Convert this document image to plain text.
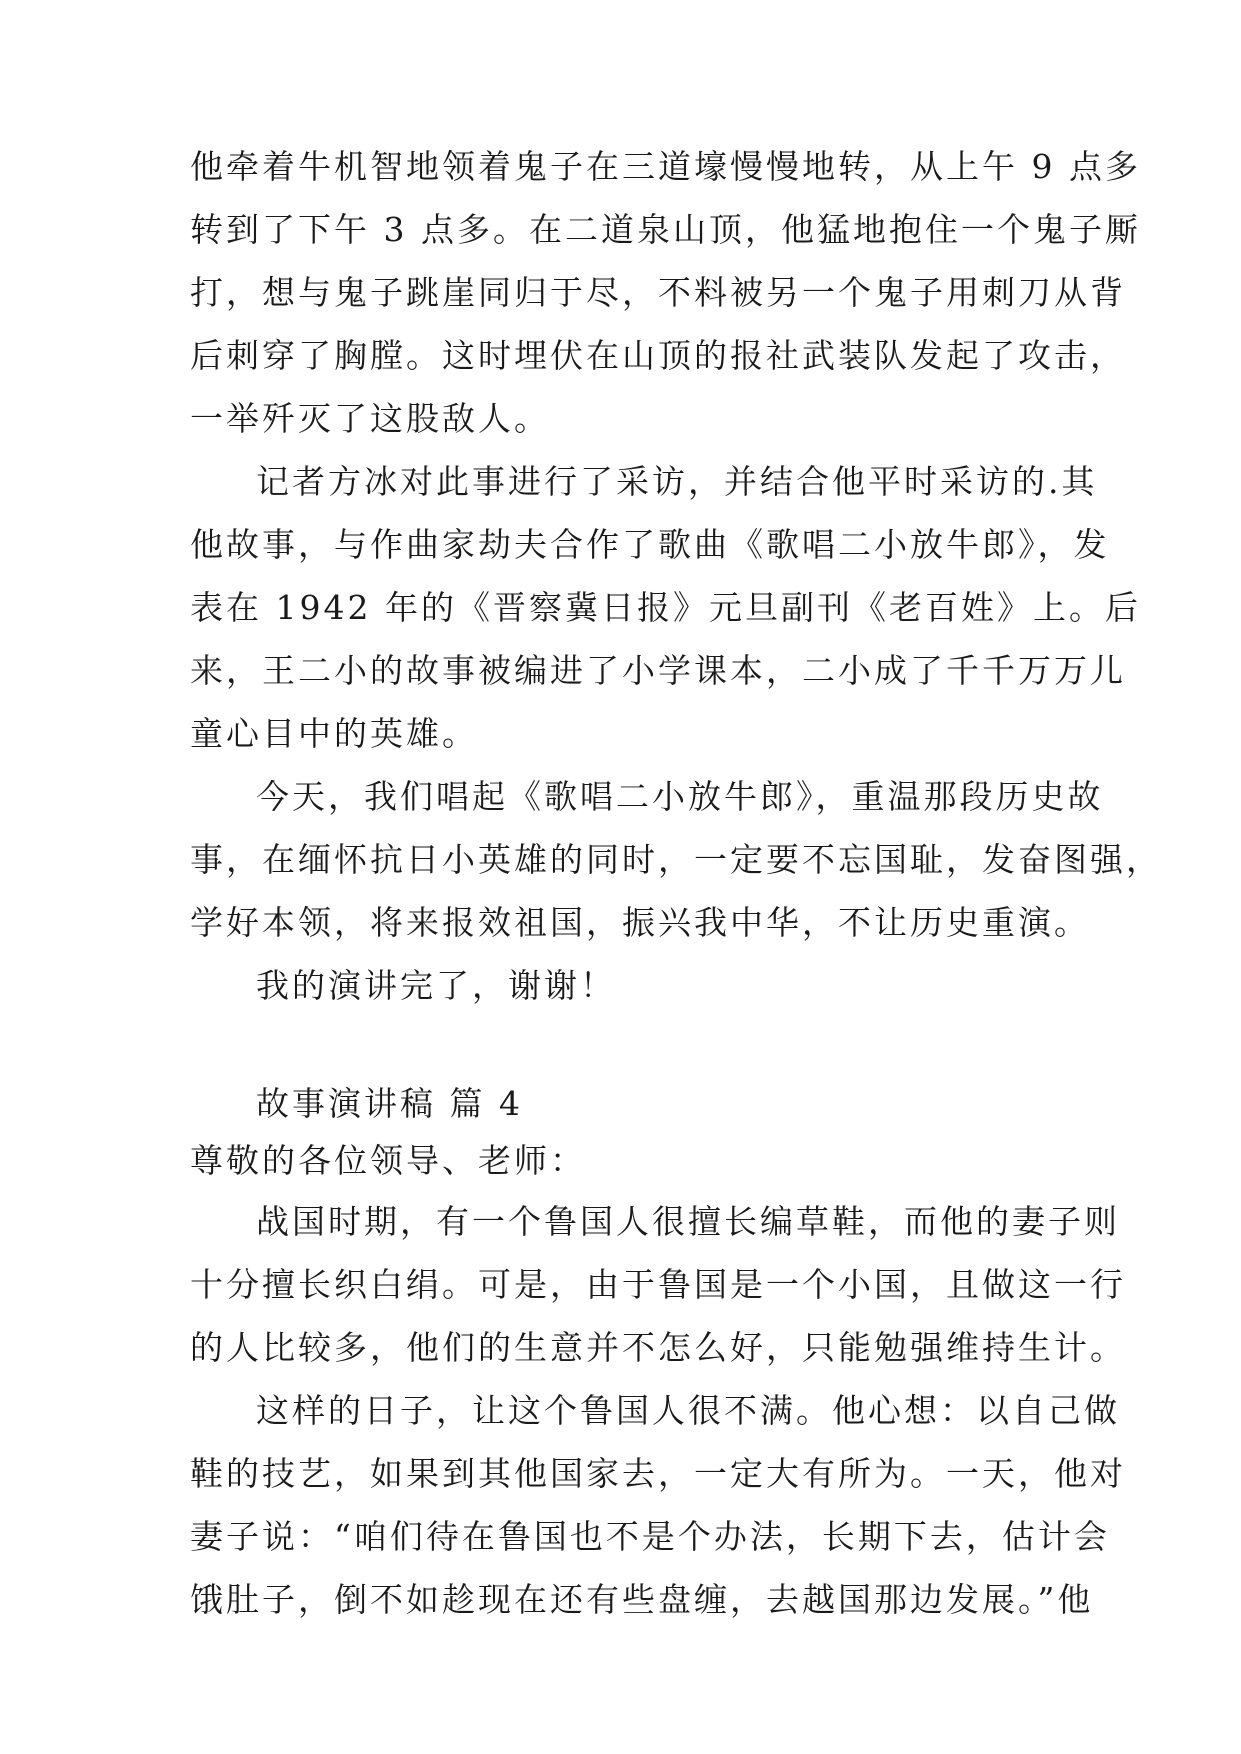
他牵着牛机智地领着鬼子在三道壕慢慢地转，从上午 9 点多
转到了下午 3 点多。在二道泉山顶，他猛地抱住一个鬼子厮
打，想与鬼子跳崖同归于尽，不料被另一个鬼子用刺刀从背
后刺穿了胸膛。这时埋伏在山顶的报社武装队发起了攻击，
一举歼灭了这股敌人。
记者方冰对此事进行了采访，并结合他平时采访的.其
他故事，与作曲家劫夫合作了歌曲《歌唱二小放牛郎》，发
表在 1942 年的《晋察冀日报》元旦副刊《老百姓》上。后
来，王二小的故事被编进了小学课本，二小成了千千万万儿
童心目中的英雄。
今天，我们唱起《歌唱二小放牛郎》，重温那段历史故
事，在缅怀抗日小英雄的同时，一定要不忘国耻，发奋图强，
学好本领，将来报效祖国，振兴我中华，不让历史重演。
我的演讲完了，谢谢！
故事演讲稿 篇 4
尊敬的各位领导、老师：
战国时期，有一个鲁国人很擅长编草鞋，而他的妻子则
十分擅长织白绢。可是，由于鲁国是一个小国，且做这一行
的人比较多，他们的生意并不怎么好，只能勉强维持生计。
这样的日子，让这个鲁国人很不满。他心想：以自己做
鞋的技艺，如果到其他国家去，一定大有所为。一天，他对
妻子说：“咱们待在鲁国也不是个办法，长期下去，估计会
饿肚子，倒不如趁现在还有些盘缠，去越国那边发展。”他
